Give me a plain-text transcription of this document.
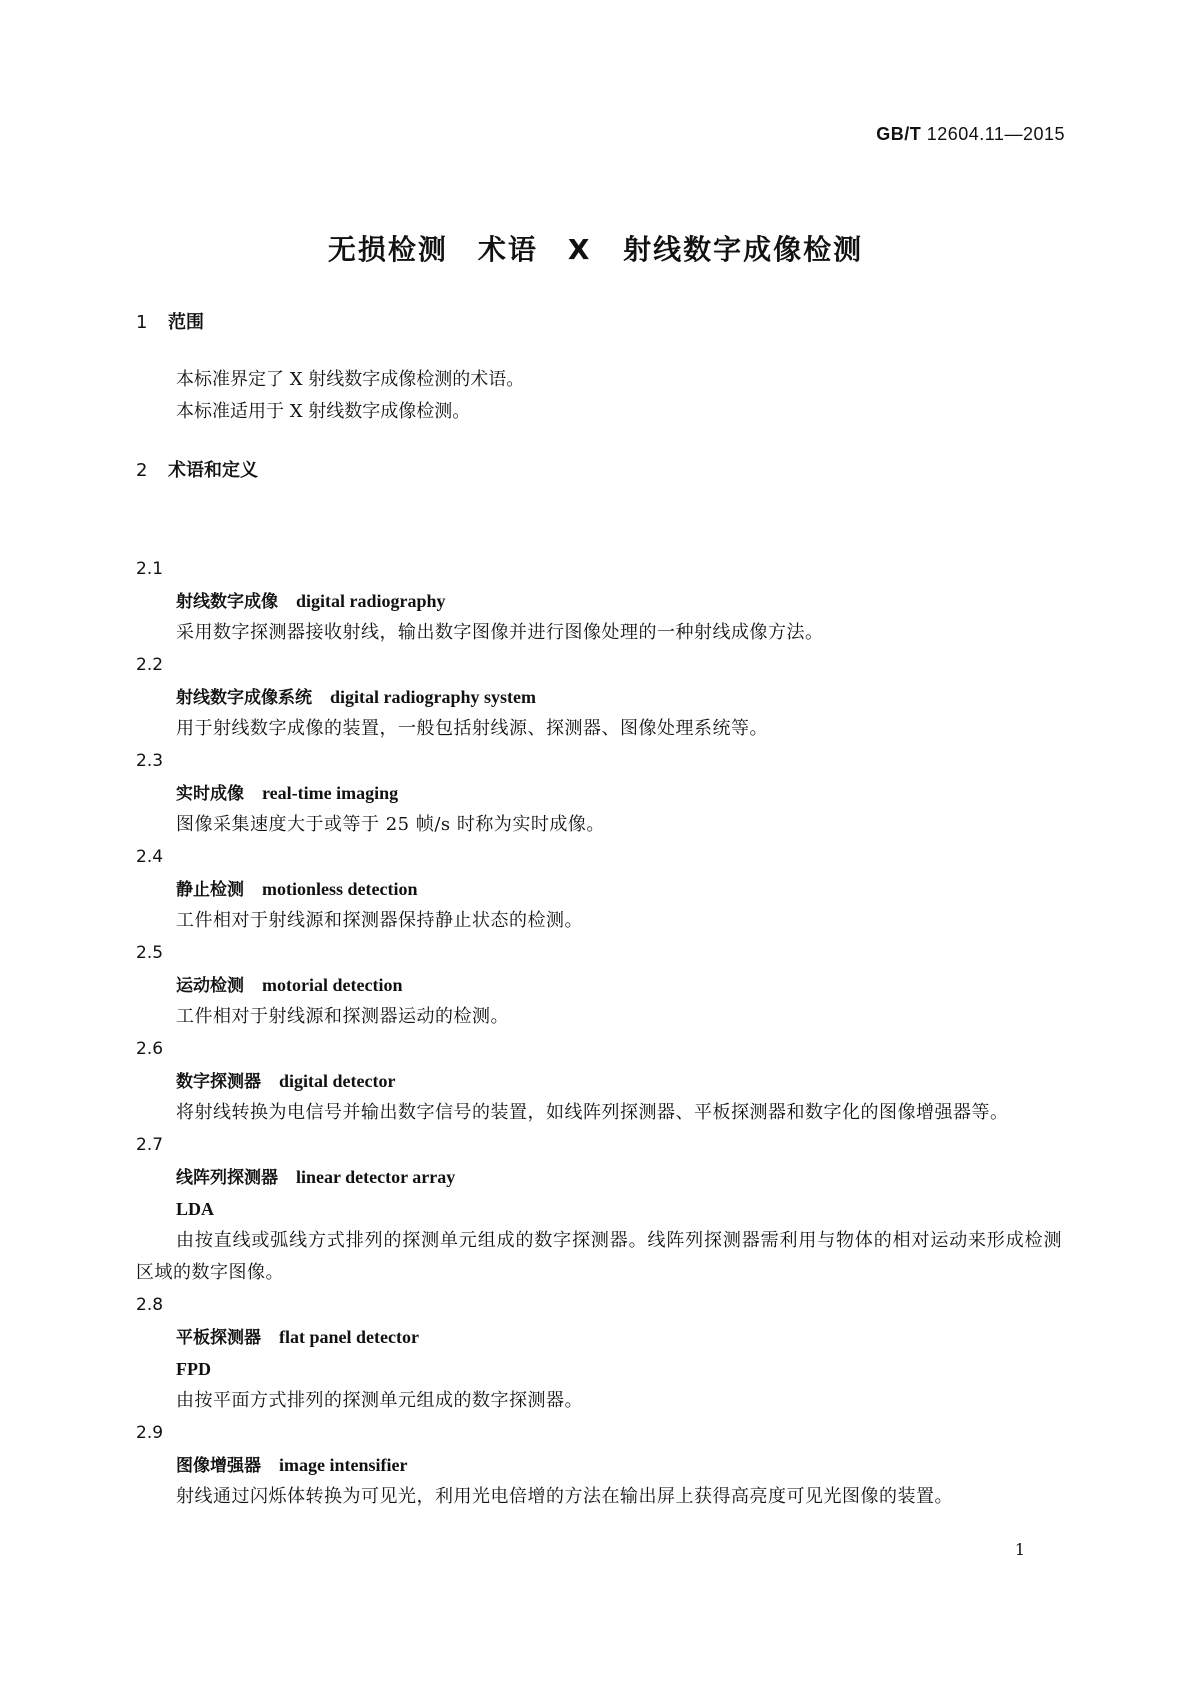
GB/T 12604.11—2015
无损检测　术语　X 射线数字成像检测
1 范围
本标准界定了 X 射线数字成像检测的术语。
本标准适用于 X 射线数字成像检测。
2 术语和定义
2.1
射线数字成像 digital radiography
采用数字探测器接收射线，输出数字图像并进行图像处理的一种射线成像方法。
2.2
射线数字成像系统 digital radiography system
用于射线数字成像的装置，一般包括射线源、探测器、图像处理系统等。
2.3
实时成像 real-time imaging
图像采集速度大于或等于 25 帧/s 时称为实时成像。
2.4
静止检测 motionless detection
工件相对于射线源和探测器保持静止状态的检测。
2.5
运动检测 motorial detection
工件相对于射线源和探测器运动的检测。
2.6
数字探测器 digital detector
将射线转换为电信号并输出数字信号的装置，如线阵列探测器、平板探测器和数字化的图像增强器等。
2.7
线阵列探测器 linear detector array
LDA
由按直线或弧线方式排列的探测单元组成的数字探测器。线阵列探测器需利用与物体的相对运动来形成检测区域的数字图像。
2.8
平板探测器 flat panel detector
FPD
由按平面方式排列的探测单元组成的数字探测器。
2.9
图像增强器 image intensifier
射线通过闪烁体转换为可见光，利用光电倍增的方法在输出屏上获得高亮度可见光图像的装置。
1
